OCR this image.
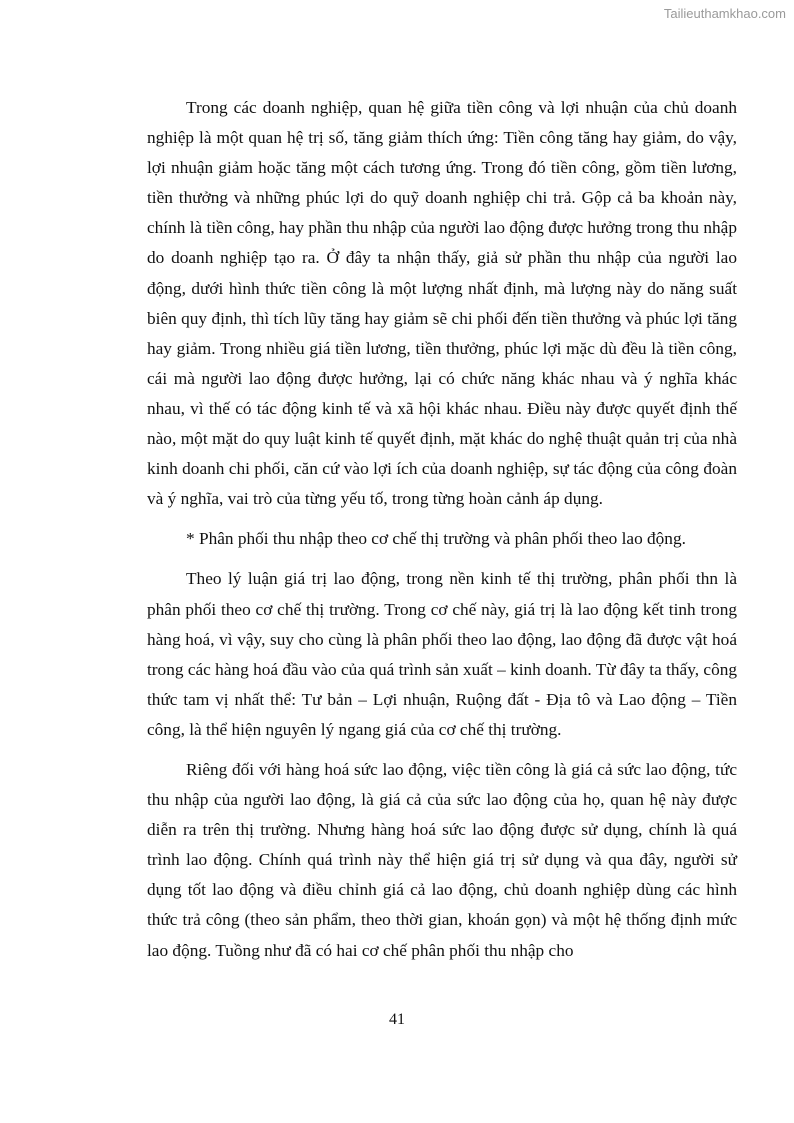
Tailieuthamkhao.com

Trong các doanh nghiệp, quan hệ giữa tiền công và lợi nhuận của chủ doanh nghiệp là một quan hệ trị số, tăng giảm thích ứng: Tiền công tăng hay giảm, do vậy, lợi nhuận giảm hoặc tăng một cách tương ứng. Trong đó tiền công, gồm tiền lương, tiền thưởng và những phúc lợi do quỹ doanh nghiệp chi trả. Gộp cả ba khoản này, chính là tiền công, hay phần thu nhập của người lao động được hưởng trong thu nhập do doanh nghiệp tạo ra. Ở đây ta nhận thấy, giả sử phần thu nhập của người lao động, dưới hình thức tiền công là một lượng nhất định, mà lượng này do năng suất biên quy định, thì tích lũy tăng hay giảm sẽ chi phối đến tiền thưởng và phúc lợi tăng hay giảm. Trong nhiều giá tiền lương, tiền thưởng, phúc lợi mặc dù đều là tiền công, cái mà người lao động được hưởng, lại có chức năng khác nhau và ý nghĩa khác nhau, vì thế có tác động kinh tế và xã hội khác nhau. Điều này được quyết định thế nào, một mặt do quy luật kinh tế quyết định, mặt khác do nghệ thuật quản trị của nhà kinh doanh chi phối, căn cứ vào lợi ích của doanh nghiệp, sự tác động của công đoàn và ý nghĩa, vai trò của từng yếu tố, trong từng hoàn cảnh áp dụng.

* Phân phối thu nhập theo cơ chế thị trường và phân phối theo lao động.

Theo lý luận giá trị lao động, trong nền kinh tế thị trường, phân phối thn là phân phối theo cơ chế thị trường. Trong cơ chế này, giá trị là lao động kết tinh trong hàng hoá, vì vậy, suy cho cùng là phân phối theo lao động, lao động đã được vật hoá trong các hàng hoá đầu vào của quá trình sản xuất – kinh doanh. Từ đây ta thấy, công thức tam vị nhất thể: Tư bản – Lợi nhuận, Ruộng đất - Địa tô và Lao động – Tiền công, là thể hiện nguyên lý ngang giá của cơ chế thị trường.

Riêng đối với hàng hoá sức lao động, việc tiền công là giá cả sức lao động, tức thu nhập của người lao động, là giá cả của sức lao động của họ, quan hệ này được diễn ra trên thị trường. Nhưng hàng hoá sức lao động được sử dụng, chính là quá trình lao động. Chính quá trình này thể hiện giá trị sử dụng và qua đây, người sử dụng tốt lao động và điều chỉnh giá cả lao động, chủ doanh nghiệp dùng các hình thức trả công (theo sản phẩm, theo thời gian, khoán gọn) và một hệ thống định mức lao động. Tuồng như đã có hai cơ chế phân phối thu nhập cho

41
